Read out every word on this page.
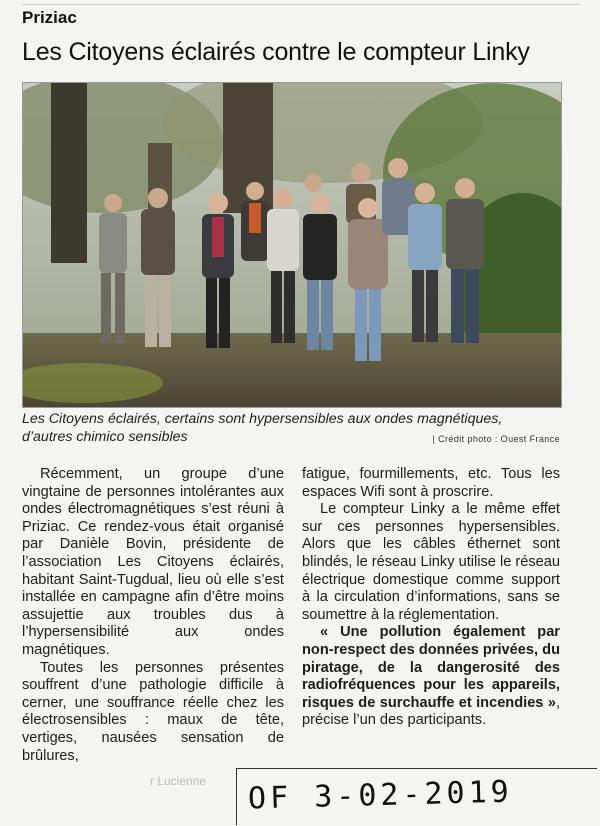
Priziac
Les Citoyens éclairés contre le compteur Linky
Les Citoyens éclairés, certains sont hypersensibles aux ondes magnétiques, d’autres chimico sensibles	| Crédit photo : Ouest France

Récemment, un groupe d’une vingtaine de personnes intolérantes aux ondes électromagnétiques s’est réuni à Priziac. Ce rendez-vous était organisé par Danièle Bovin, présidente de l’association Les Citoyens éclairés, habitant Saint-Tugdual, lieu où elle s’est installée en campagne afin d’être moins assujettie aux troubles dus à l’hypersensibilité aux ondes magnétiques.

Toutes les personnes présentes souffrent d’une pathologie difficile à cerner, une souffrance réelle chez les électrosensibles : maux de tête, vertiges, nausées sensation de brûlures,

fatigue, fourmillements, etc. Tous les espaces Wifi sont à proscrire.

Le compteur Linky a le même effet sur ces personnes hypersensibles. Alors que les câbles éthernet sont blindés, le réseau Linky utilise le réseau électrique domestique comme support à la circulation d’informations, sans se soumettre à la réglementation.

« Une pollution également par non-respect des données privées, du piratage, de la dangerosité des radiofréquences pour les appareils, risques de surchauffe et incendies », précise l’un des participants.

r Lucienne OF 3-02-2019
